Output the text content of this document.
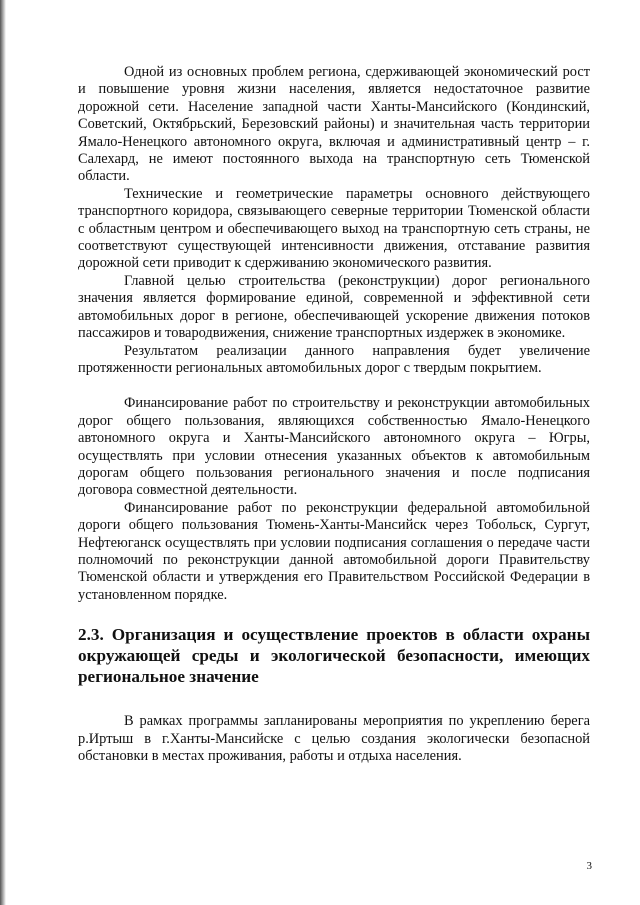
Одной из основных проблем региона, сдерживающей экономический рост и повышение уровня жизни населения, является недостаточное развитие дорожной сети. Население западной части Ханты-Мансийского (Кондинский, Советский, Октябрьский, Березовский районы) и значительная часть территории Ямало-Ненецкого автономного округа, включая и административный центр – г. Салехард, не имеют постоянного выхода на транспортную сеть Тюменской области.

Технические и геометрические параметры основного действующего транспортного коридора, связывающего северные территории Тюменской области с областным центром и обеспечивающего выход на транспортную сеть страны, не соответствуют существующей интенсивности движения, отставание развития дорожной сети приводит к сдерживанию экономического развития.

Главной целью строительства (реконструкции) дорог регионального значения является формирование единой, современной и эффективной сети автомобильных дорог в регионе, обеспечивающей ускорение движения потоков пассажиров и товародвижения, снижение транспортных издержек в экономике.

Результатом реализации данного направления будет увеличение протяженности региональных автомобильных дорог с твердым покрытием.

Финансирование работ по строительству и реконструкции автомобильных дорог общего пользования, являющихся собственностью Ямало-Ненецкого автономного округа и Ханты-Мансийского автономного округа – Югры, осуществлять при условии отнесения указанных объектов к автомобильным дорогам общего пользования регионального значения и после подписания договора совместной деятельности.

Финансирование работ по реконструкции федеральной автомобильной дороги общего пользования Тюмень-Ханты-Мансийск через Тобольск, Сургут, Нефтеюганск осуществлять при условии подписания соглашения о передаче части полномочий по реконструкции данной автомобильной дороги Правительству Тюменской области и утверждения его Правительством Российской Федерации в установленном порядке.

2.3. Организация и осуществление проектов в области охраны окружающей среды и экологической безопасности, имеющих региональное значение

В рамках программы запланированы мероприятия по укреплению берега р.Иртыш в г.Ханты-Мансийске с целью создания экологически безопасной обстановки в местах проживания, работы и отдыха населения.

3
